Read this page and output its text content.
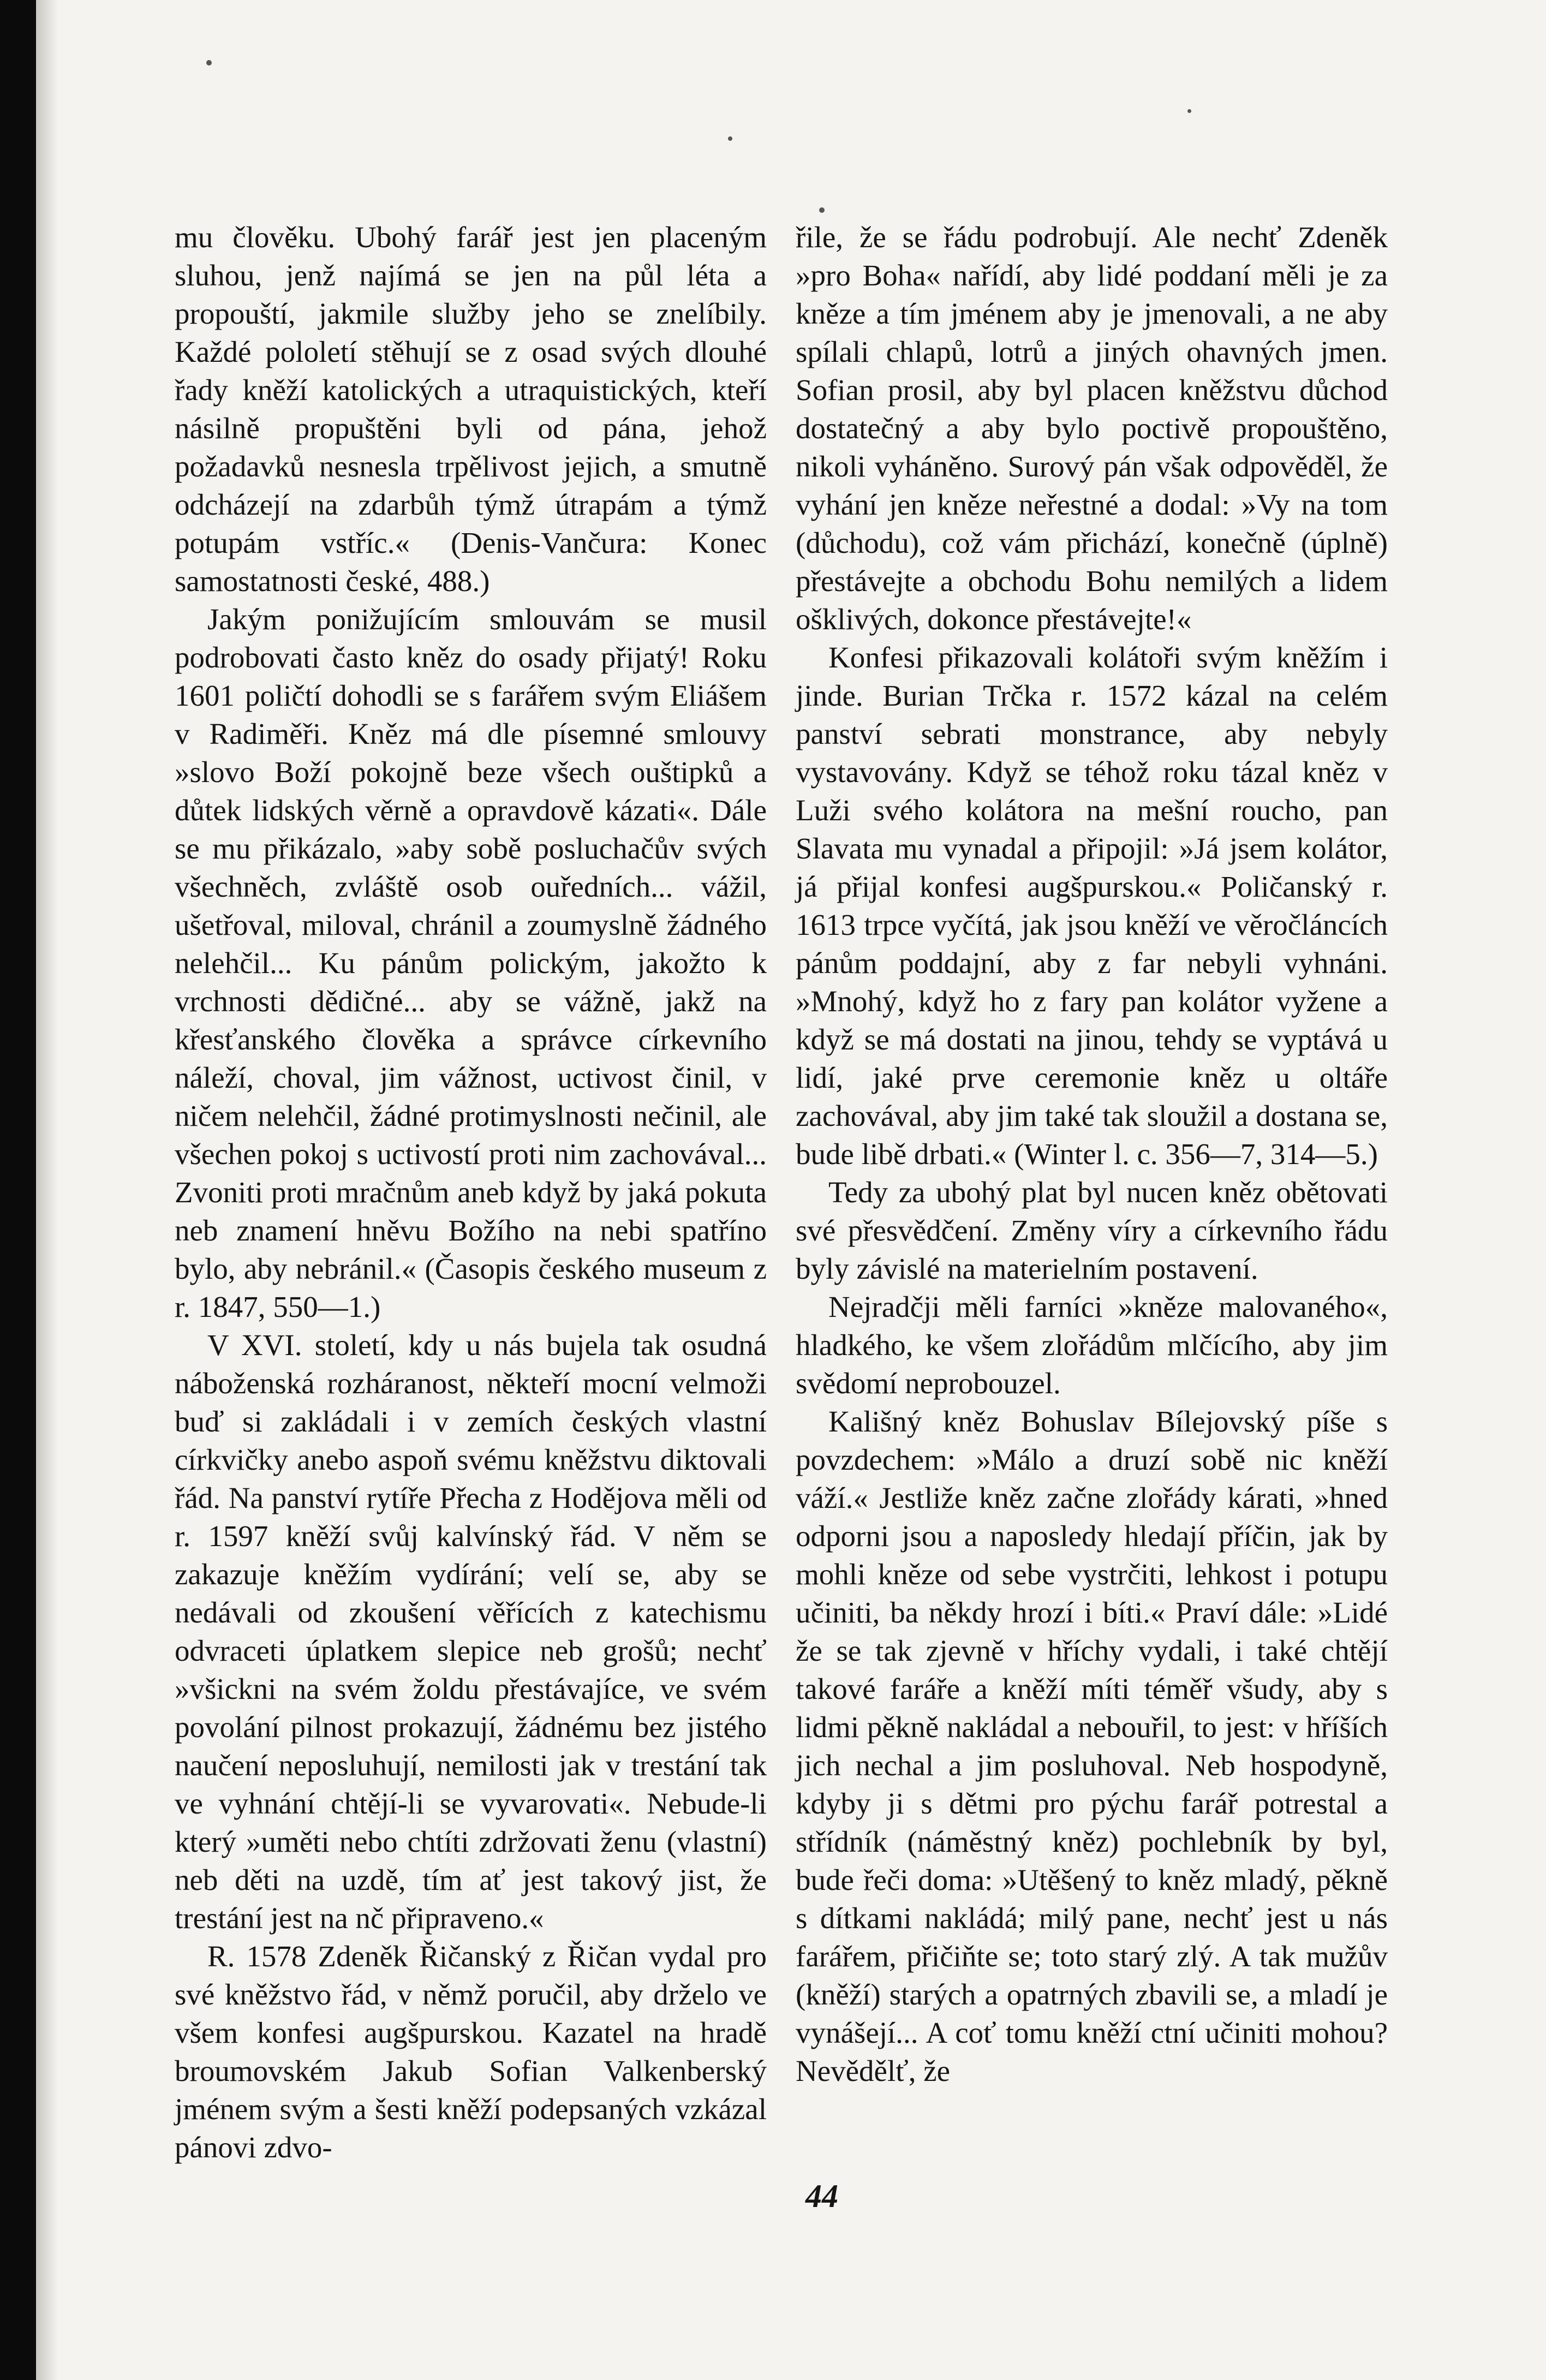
mu člověku. Ubohý farář jest jen placeným sluhou, jenž najímá se jen na půl léta a propouští, jakmile služby jeho se znelíbily. Každé pololetí stěhují se z osad svých dlouhé řady kněží katolických a utraquistických, kteří násilně propuštěni byli od pána, jehož požadavků nesnesla trpělivost jejich, a smutně odcházejí na zdarbůh týmž útrapám a týmž potupám vstříc.« (Denis-Vančura: Konec samostatnosti české, 488.)

Jakým ponižujícím smlouvám se musil podrobovati často kněz do osady přijatý! Roku 1601 poličtí dohodli se s farářem svým Eliášem v Radiměři. Kněz má dle písemné smlouvy »slovo Boží pokojně beze všech ouštipků a důtek lidských věrně a opravdově kázati«. Dále se mu přikázalo, »aby sobě posluchačův svých všechněch, zvláště osob ouředních... vážil, ušetřoval, miloval, chránil a zoumyslně žádného nelehčil... Ku pánům polickým, jakožto k vrchnosti dědičné... aby se vážně, jakž na křesťanského člověka a správce církevního náleží, choval, jim vážnost, uctivost činil, v ničem nelehčil, žádné protimyslnosti nečinil, ale všechen pokoj s uctivostí proti nim zachovával... Zvoniti proti mračnům aneb když by jaká pokuta neb znamení hněvu Božího na nebi spatříno bylo, aby nebránil.« (Časopis českého museum z r. 1847, 550—1.)

V XVI. století, kdy u nás bujela tak osudná náboženská rozháranost, někteří mocní velmoži buď si zakládali i v zemích českých vlastní církvičky anebo aspoň svému kněžstvu diktovali řád. Na panství rytíře Přecha z Hodějova měli od r. 1597 kněží svůj kalvínský řád. V něm se zakazuje kněžím vydírání; velí se, aby se nedávali od zkoušení věřících z katechismu odvraceti úplatkem slepice neb grošů; nechť »všickni na svém žoldu přestávajíce, ve svém povolání pilnost prokazují, žádnému bez jistého naučení neposluhují, nemilosti jak v trestání tak ve vyhnání chtějí-li se vyvarovati«. Nebude-li který »uměti nebo chtíti zdržovati ženu (vlastní) neb děti na uzdě, tím ať jest takový jist, že trestání jest na nč připraveno.«

R. 1578 Zdeněk Řičanský z Řičan vydal pro své kněžstvo řád, v němž poručil, aby drželo ve všem konfesi augšpurskou. Kazatel na hradě broumovském Jakub Sofian Valkenberský jménem svým a šesti kněží podepsaných vzkázal pánovi zdvo-

řile, že se řádu podrobují. Ale nechť Zdeněk »pro Boha« nařídí, aby lidé poddaní měli je za kněze a tím jménem aby je jmenovali, a ne aby spílali chlapů, lotrů a jiných ohavných jmen. Sofian prosil, aby byl placen kněžstvu důchod dostatečný a aby bylo poctivě propouštěno, nikoli vyháněno. Surový pán však odpověděl, že vyhání jen kněze neřestné a dodal: »Vy na tom (důchodu), což vám přichází, konečně (úplně) přestávejte a obchodu Bohu nemilých a lidem ošklivých, dokonce přestávejte!«

Konfesi přikazovali kolátoři svým kněžím i jinde. Burian Trčka r. 1572 kázal na celém panství sebrati monstrance, aby nebyly vystavovány. Když se téhož roku tázal kněz v Luži svého kolátora na mešní roucho, pan Slavata mu vynadal a připojil: »Já jsem kolátor, já přijal konfesi augšpurskou.« Poličanský r. 1613 trpce vyčítá, jak jsou kněží ve věročláncích pánům poddajní, aby z far nebyli vyhnáni. »Mnohý, když ho z fary pan kolátor vyžene a když se má dostati na jinou, tehdy se vyptává u lidí, jaké prve ceremonie kněz u oltáře zachovával, aby jim také tak sloužil a dostana se, bude libě drbati.« (Winter l. c. 356—7, 314—5.)

Tedy za ubohý plat byl nucen kněz obětovati své přesvědčení. Změny víry a církevního řádu byly závislé na materielním postavení.

Nejradčji měli farníci »kněze malovaného«, hladkého, ke všem zlořádům mlčícího, aby jim svědomí neprobouzel.

Kališný kněz Bohuslav Bílejovský píše s povzdechem: »Málo a druzí sobě nic kněží váží.« Jestliže kněz začne zlořády kárati, »hned odporni jsou a naposledy hledají příčin, jak by mohli kněze od sebe vystrčiti, lehkost i potupu učiniti, ba někdy hrozí i bíti.« Praví dále: »Lidé že se tak zjevně v hříchy vydali, i také chtějí takové faráře a kněží míti téměř všudy, aby s lidmi pěkně nakládal a nebouřil, to jest: v hříších jich nechal a jim posluhoval. Neb hospodyně, kdyby ji s dětmi pro pýchu farář potrestal a střídník (náměstný kněz) pochlebník by byl, bude řeči doma: »Utěšený to kněz mladý, pěkně s dítkami nakládá; milý pane, nechť jest u nás farářem, přičiňte se; toto starý zlý. A tak mužův (kněží) starých a opatrných zbavili se, a mladí je vynášejí... A coť tomu kněží ctní učiniti mohou? Nevědělť, že

44
